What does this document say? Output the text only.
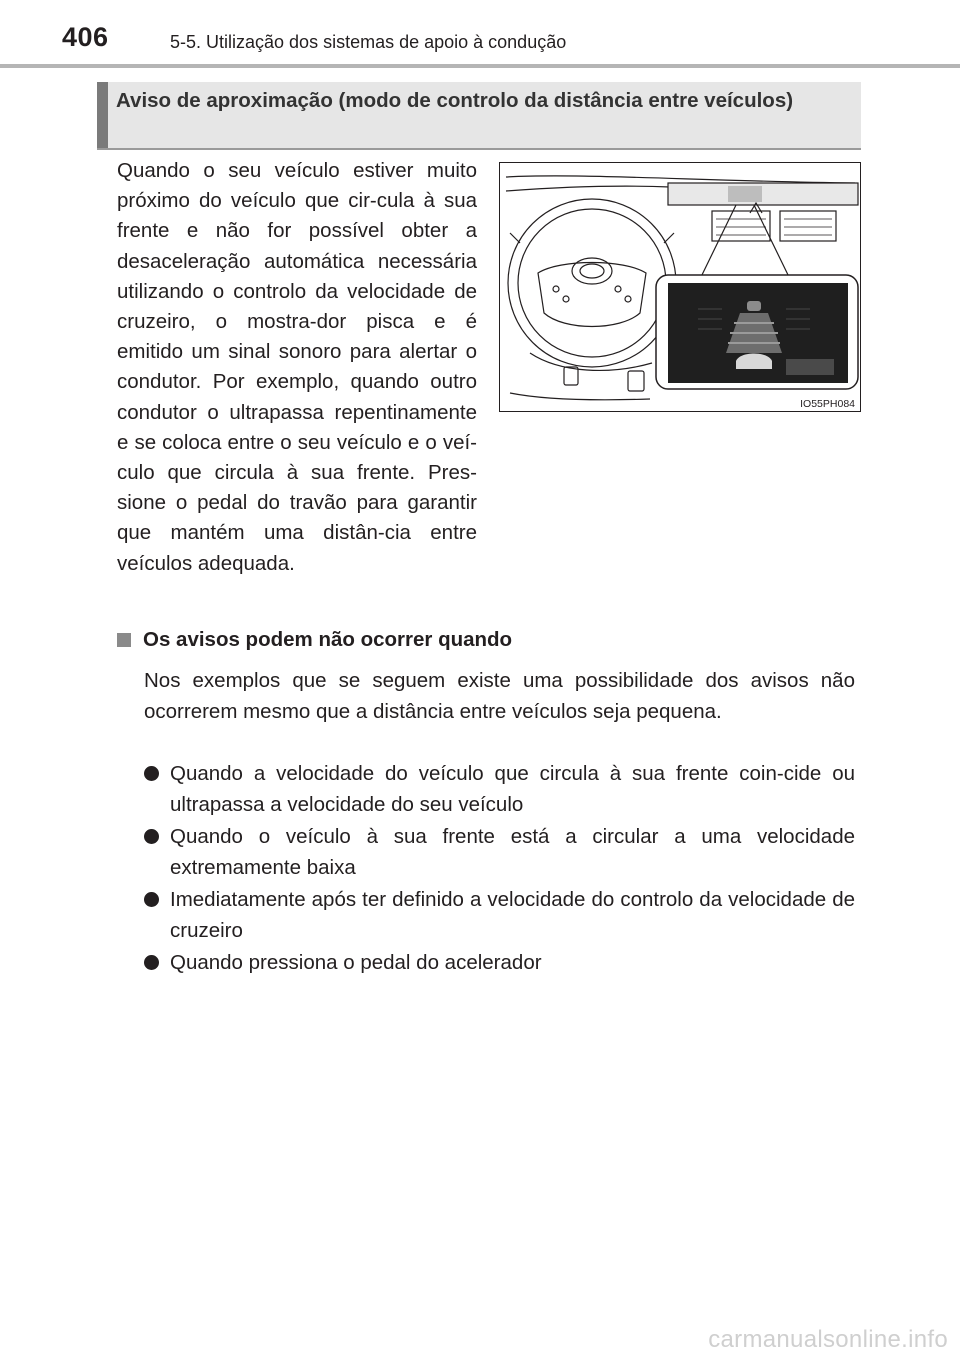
406	5-5. Utilização dos sistemas de apoio à condução
Aviso de aproximação (modo de controlo da distância entre veículos)

Quando o seu veículo estiver muito próximo do veículo que cir-cula à sua frente e não for possível obter a desaceleração automática necessária utilizando o controlo da velocidade de cruzeiro, o mostra-dor pisca e é emitido um sinal sonoro para alertar o condutor. Por exemplo, quando outro condutor o ultrapassa repentinamente e se coloca entre o seu veículo e o veí-culo que circula à sua frente. Pres-sione o pedal do travão para garantir que mantém uma distân-cia entre veículos adequada.

IO55PH084
Os avisos podem não ocorrer quando

Nos exemplos que se seguem existe uma possibilidade dos avisos não ocorrerem mesmo que a distância entre veículos seja pequena.

Quando a velocidade do veículo que circula à sua frente coin-cide ou ultrapassa a velocidade do seu veículo
Quando o veículo à sua frente está a circular a uma velocidade extremamente baixa
Imediatamente após ter definido a velocidade do controlo da velocidade de cruzeiro
Quando pressiona o pedal do acelerador
carmanualsonline.info
